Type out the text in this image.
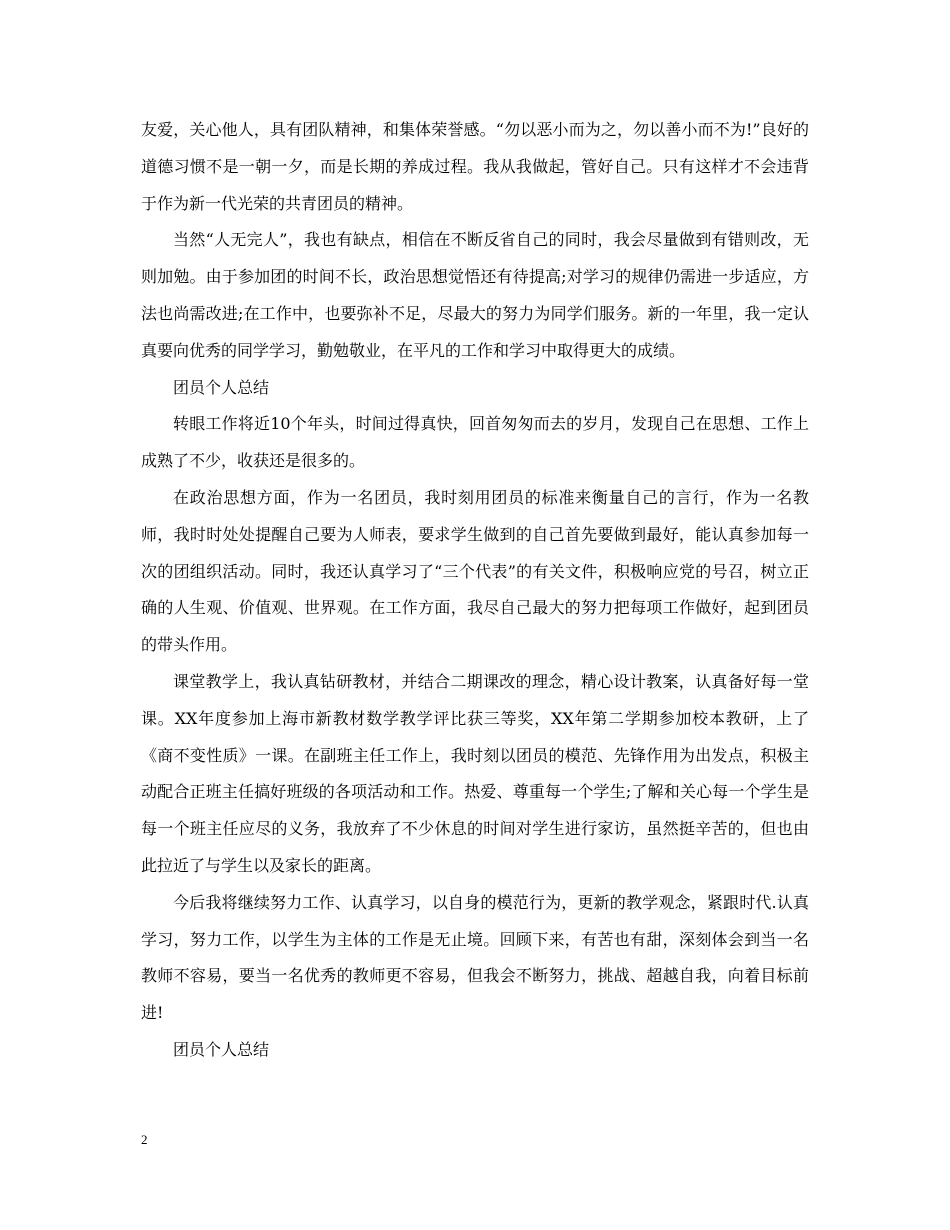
友爱，关心他人，具有团队精神，和集体荣誉感。“勿以恶小而为之，勿以善小而不为!”良好的道德习惯不是一朝一夕，而是长期的养成过程。我从我做起，管好自己。只有这样才不会违背于作为新一代光荣的共青团员的精神。

当然“人无完人”，我也有缺点，相信在不断反省自己的同时，我会尽量做到有错则改，无则加勉。由于参加团的时间不长，政治思想觉悟还有待提高;对学习的规律仍需进一步适应，方法也尚需改进;在工作中，也要弥补不足，尽最大的努力为同学们服务。新的一年里，我一定认真要向优秀的同学学习，勤勉敬业，在平凡的工作和学习中取得更大的成绩。

团员个人总结

转眼工作将近10个年头，时间过得真快，回首匆匆而去的岁月，发现自己在思想、工作上成熟了不少，收获还是很多的。

在政治思想方面，作为一名团员，我时刻用团员的标准来衡量自己的言行，作为一名教师，我时时处处提醒自己要为人师表，要求学生做到的自己首先要做到最好，能认真参加每一次的团组织活动。同时，我还认真学习了“三个代表”的有关文件，积极响应党的号召，树立正确的人生观、价值观、世界观。在工作方面，我尽自己最大的努力把每项工作做好，起到团员的带头作用。

课堂教学上，我认真钻研教材，并结合二期课改的理念，精心设计教案，认真备好每一堂课。XX年度参加上海市新教材数学教学评比获三等奖，XX年第二学期参加校本教研，上了《商不变性质》一课。在副班主任工作上，我时刻以团员的模范、先锋作用为出发点，积极主动配合正班主任搞好班级的各项活动和工作。热爱、尊重每一个学生;了解和关心每一个学生是每一个班主任应尽的义务，我放弃了不少休息的时间对学生进行家访，虽然挺辛苦的，但也由此拉近了与学生以及家长的距离。

今后我将继续努力工作、认真学习，以自身的模范行为，更新的教学观念，紧跟时代.认真学习，努力工作，以学生为主体的工作是无止境。回顾下来，有苦也有甜，深刻体会到当一名教师不容易，要当一名优秀的教师更不容易，但我会不断努力，挑战、超越自我，向着目标前进!

团员个人总结

2
